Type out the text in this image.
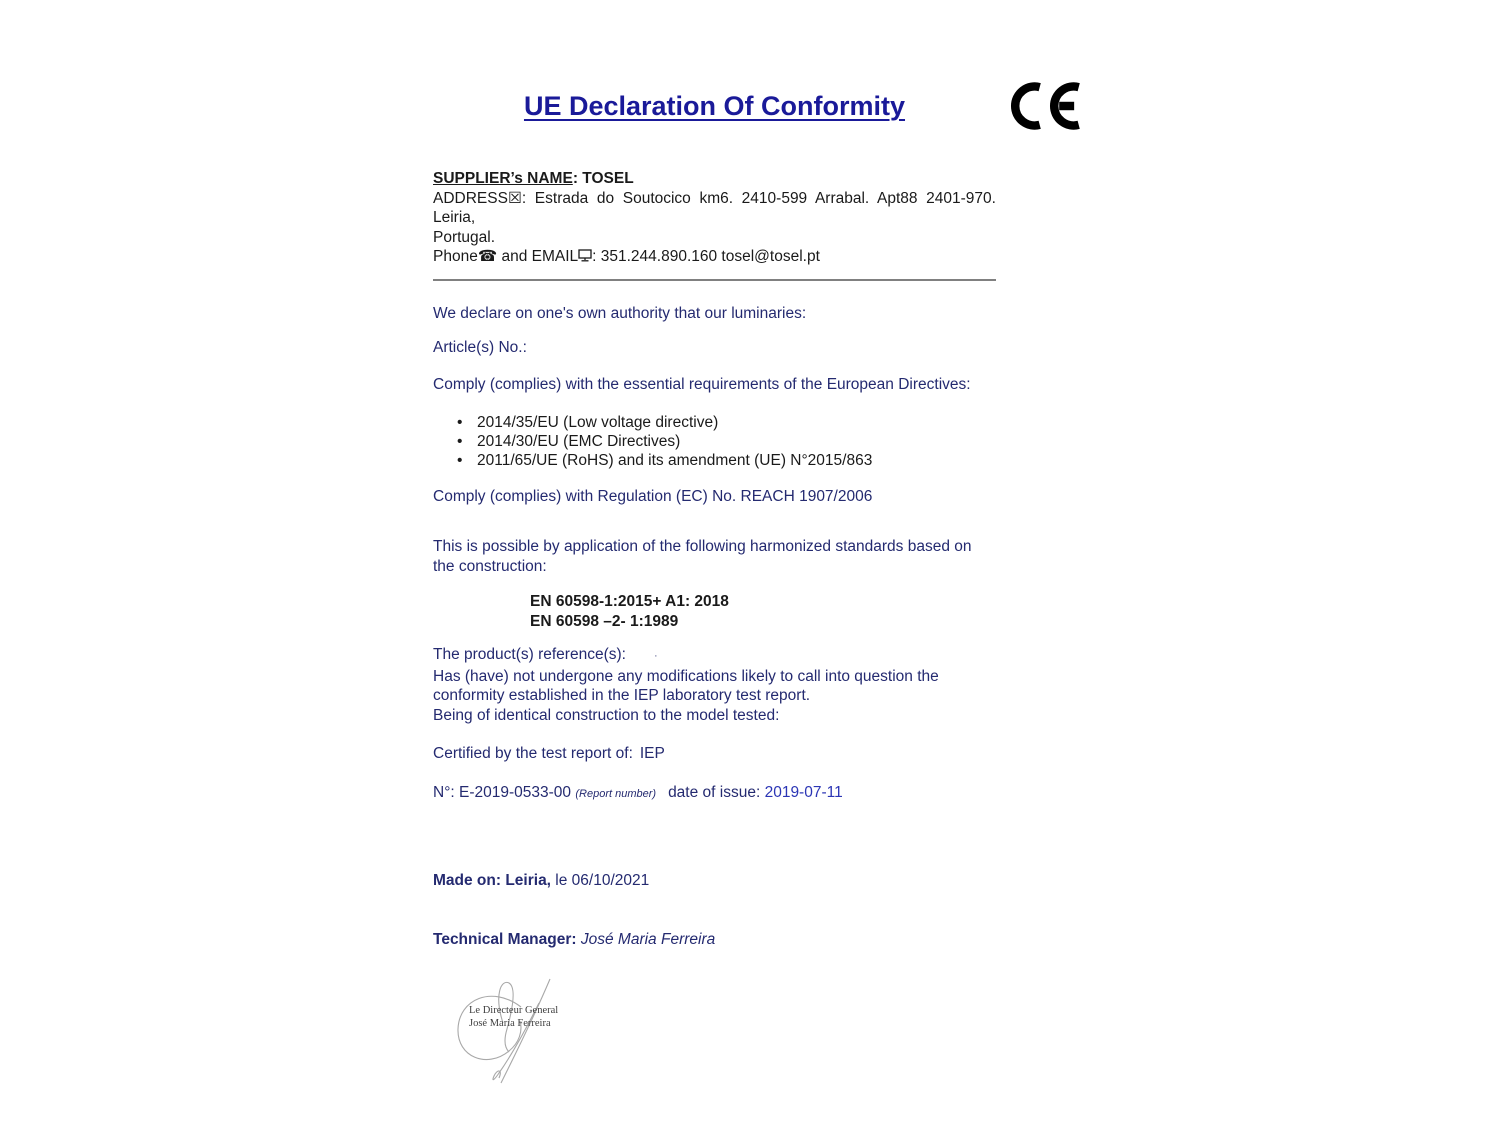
UE Declaration Of Conformity
SUPPLIER’s NAME: TOSEL
ADDRESS☒: Estrada do Soutocico km6. 2410-599 Arrabal. Apt88 2401-970. Leiria,
Portugal.
Phone☎ and EMAIL : 351.244.890.160 tosel@tosel.pt
We declare on one's own authority that our luminaries:
Article(s) No.:
Comply (complies) with the essential requirements of the European Directives:
• 2014/35/EU (Low voltage directive)
• 2014/30/EU (EMC Directives)
• 2011/65/UE (RoHS) and its amendment (UE) N°2015/863
Comply (complies) with Regulation (EC) No. REACH 1907/2006
This is possible by application of the following harmonized standards based on the construction:
EN 60598-1:2015+ A1: 2018
EN 60598 –2- 1:1989
The product(s) reference(s):	·
Has (have) not undergone any modifications likely to call into question the conformity established in the IEP laboratory test report.
Being of identical construction to the model tested:
Certified by the test report of: IEP
N°: E-2019-0533-00 (Report number) date of issue: 2019-07-11
Made on: Leiria, le 06/10/2021
Technical Manager: José Maria Ferreira
Le Directeur General
José Maria Ferreira
